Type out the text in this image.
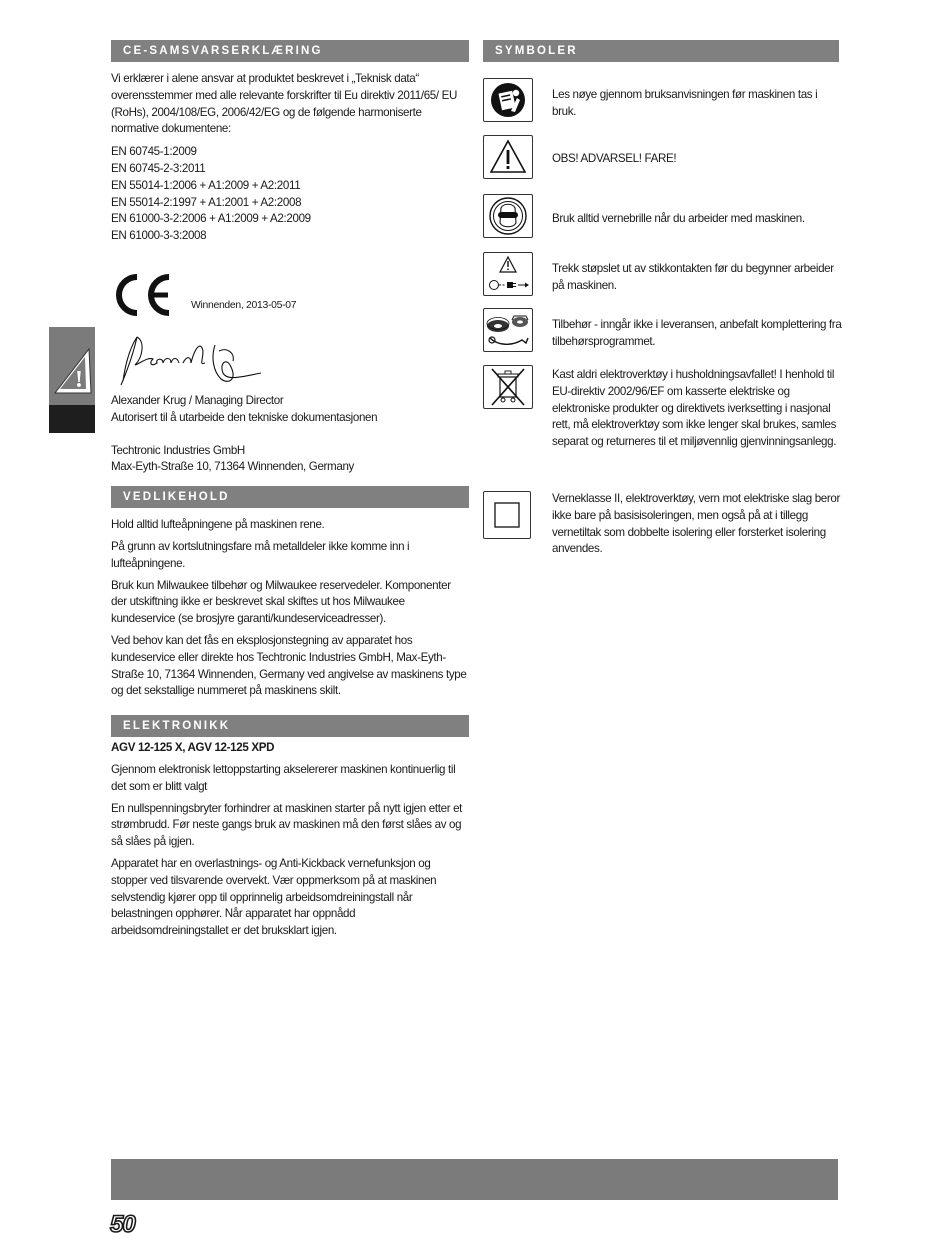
!
CE-SAMSVARSERKLÆRING

Vi erklærer i alene ansvar at produktet beskrevet i „Teknisk data“ overensstemmer med alle relevante forskrifter til Eu direktiv 2011/65/ EU (RoHs), 2004/108/EG, 2006/42/EG og de følgende harmoniserte normative dokumentene:

EN 60745-1:2009
EN 60745-2-3:2011
EN 55014-1:2006 + A1:2009 + A2:2011
EN 55014-2:1997 + A1:2001 + A2:2008
EN 61000-3-2:2006 + A1:2009 + A2:2009
EN 61000-3-3:2008
Winnenden, 2013-05-07
Alexander Krug / Managing Director
Autorisert til å utarbeide den tekniske dokumentasjonen
Techtronic Industries GmbH
Max-Eyth-Straße 10, 71364 Winnenden, Germany
VEDLIKEHOLD

Hold alltid lufteåpningene på maskinen rene.

På grunn av kortslutningsfare må metalldeler ikke komme inn i lufteåpningene.

Bruk kun Milwaukee tilbehør og Milwaukee reservedeler. Komponenter der utskiftning ikke er beskrevet skal skiftes ut hos Milwaukee kundeservice (se brosjyre garanti/kundeserviceadresser).

Ved behov kan det fås en eksplosjonstegning av apparatet hos kundeservice eller direkte hos Techtronic Industries GmbH, Max-Eyth-Straße 10, 71364 Winnenden, Germany ved angivelse av maskinens type og det sekstallige nummeret på maskinens skilt.

ELEKTRONIKK
AGV 12-125 X, AGV 12-125 XPD

Gjennom elektronisk lettoppstarting akselererer maskinen kontinuerlig til det som er blitt valgt

En nullspenningsbryter forhindrer at maskinen starter på nytt igjen etter et strømbrudd. Før neste gangs bruk av maskinen må den først slåes av og så slåes på igjen.

Apparatet har en overlastnings- og Anti-Kickback vernefunksjon og stopper ved tilsvarende overvekt. Vær oppmerksom på at maskinen selvstendig kjører opp til opprinnelig arbeidsomdreiningstall når belastningen opphører. Når apparatet har oppnådd arbeidsomdreiningstallet er det bruksklart igjen.

SYMBOLER
Les nøye gjennom bruksanvisningen før maskinen tas i bruk.
OBS! ADVARSEL! FARE!
Bruk alltid vernebrille når du arbeider med maskinen.
Trekk støpslet ut av stikkontakten før du begynner arbeider på maskinen.
Tilbehør - inngår ikke i leveransen, anbefalt komplettering fra tilbehørsprogrammet.
Kast aldri elektroverktøy i husholdningsavfallet! I henhold til EU-direktiv 2002/96/EF om kasserte elektriske og elektroniske produkter og direktivets iverksetting i nasjonal rett, må elektroverktøy som ikke lenger skal brukes, samles separat og returneres til et miljøvennlig gjenvinningsanlegg.
Verneklasse II, elektroverktøy, vern mot elektriske slag beror ikke bare på basisisoleringen, men også på at i tillegg vernetiltak som dobbelte isolering eller forsterket isolering anvendes.
50
